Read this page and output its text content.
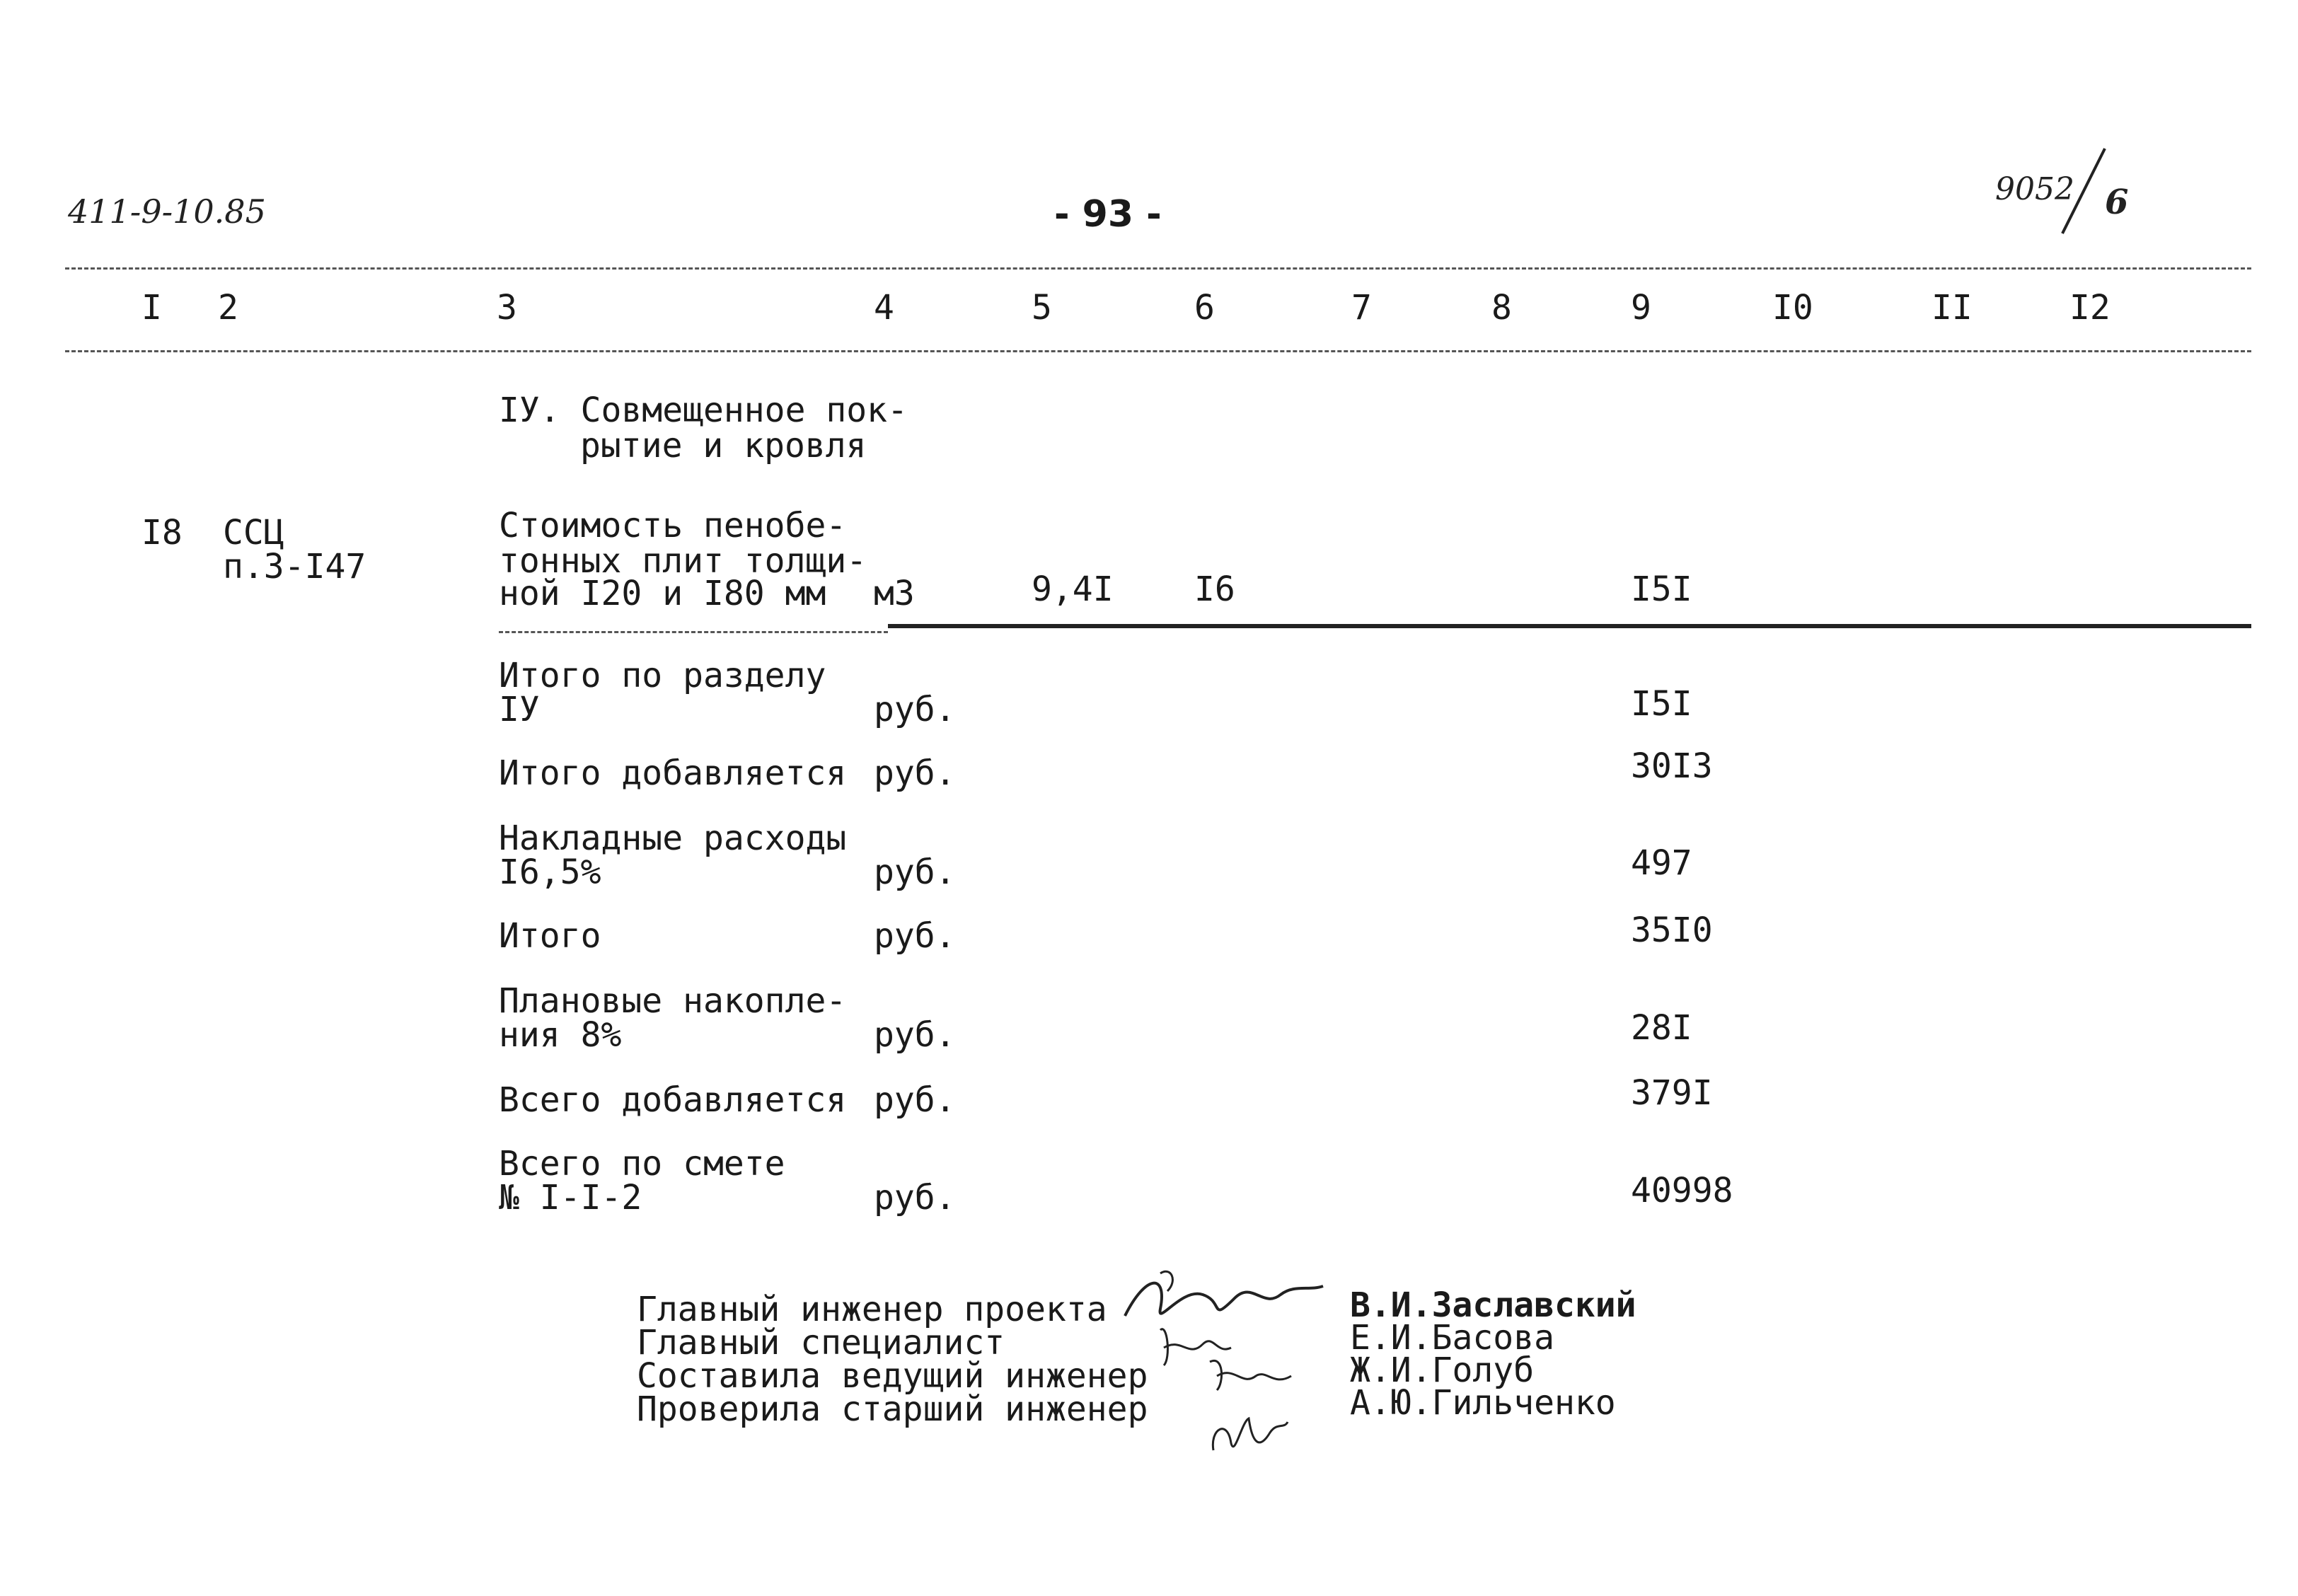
411-9-10.85	- 93 -
9052 6
I 2	3	4	5	6	7	8	9	I0	II	I2
IУ. Совмещенное пок-
рытие и кровля
I8 ССЦ
п.3-I47
Стоимость пенобе-
тонных плит толщи-
ной I20 и I80 мм м3	9,4I I6	I5I
Итого по разделу
IУ	руб.	I5I
Итого добавляется руб.	30I3
Накладные расходы
I6,5%	руб.	497
Итого	руб.	35I0
Плановые накопле-
ния 8%	руб.	28I
Всего добавляется руб.	379I
Всего по смете
№ I-I-2	руб.	40998
Главный инженер проекта
Главный специалист
Составила ведущий инженер
Проверила старший инженер
В.И.Заславский
Е.И.Басова
Ж.И.Голуб
А.Ю.Гильченко
